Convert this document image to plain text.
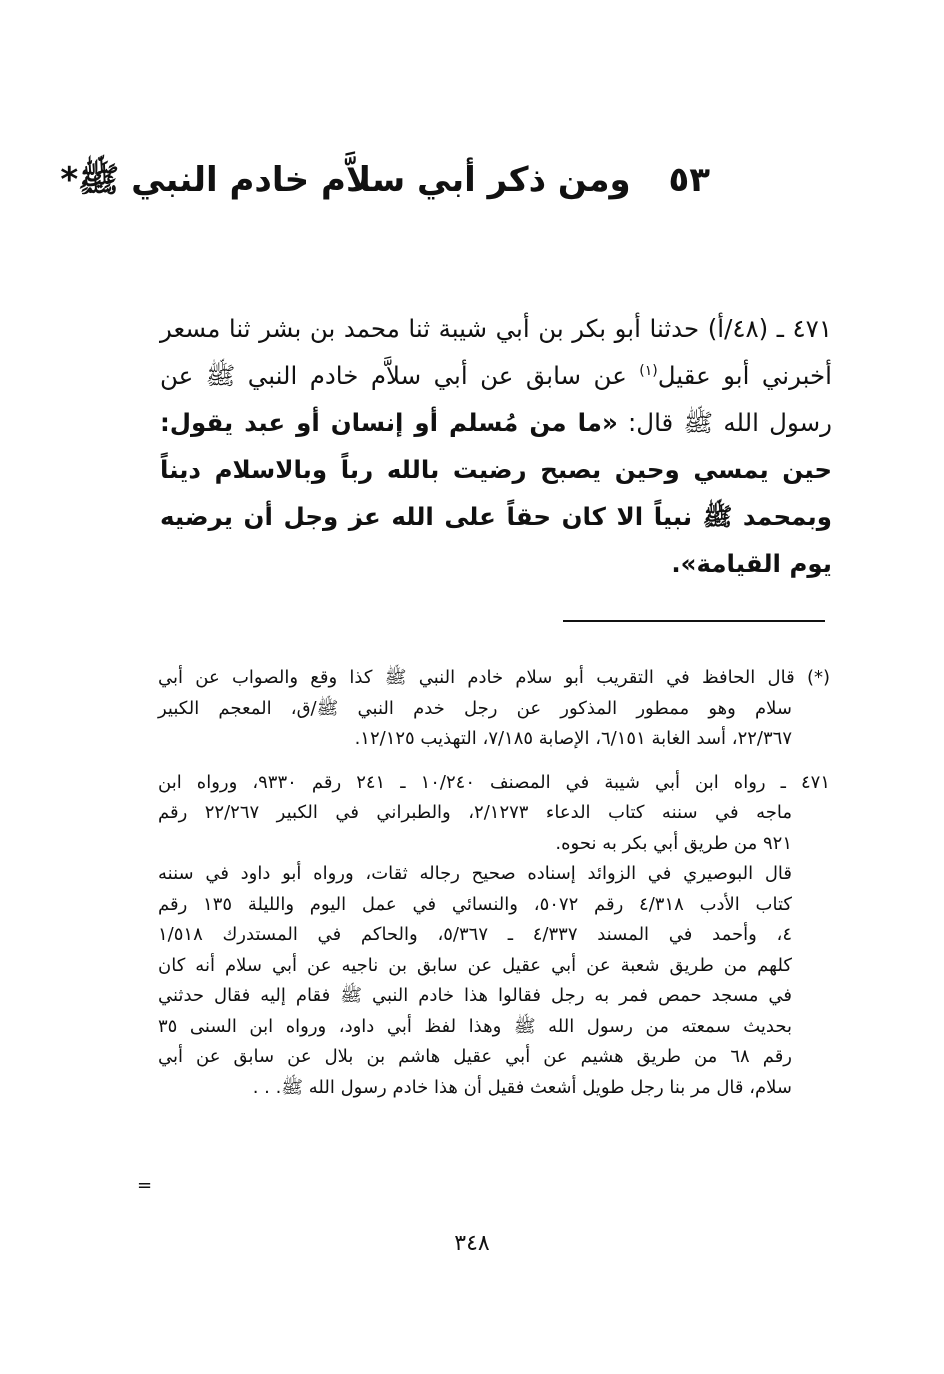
٥٣ ومن ذكر أبي سلاَّم خادم النبي ﷺ*
٤٧١ ـ (٤٨/أ) حدثنا أبو بكر بن أبي شيبة ثنا محمد بن بشر ثنا مسعر أخبرني أبو عقيل$^{(١)}$ عن سابق عن أبي سلاَّم خادم النبي ﷺ عن رسول الله ﷺ قال: «ما من مُسلم أو إنسان أو عبد يقول: حين يمسي وحين يصبح رضيت بالله رباً وبالاسلام ديناً وبمحمد ﷺ نبياً الا كان حقاً على الله عز وجل أن يرضيه يوم القيامة».
(*) قال الحافظ في التقريب أبو سلام خادم النبي ﷺ كذا وقع والصواب عن أبي
سلام وهو ممطور المذكور عن رجل خدم النبي ﷺ/ق، المعجم الكبير
٢٢/٣٦٧، أسد الغابة ٦/١٥١، الإصابة ٧/١٨٥، التهذيب ١٢/١٢٥.
٤٧١ ـ رواه ابن أبي شيبة في المصنف ١٠/٢٤٠ ـ ٢٤١ رقم ٩٣٣٠، ورواه ابن
ماجه في سننه كتاب الدعاء ٢/١٢٧٣، والطبراني في الكبير ٢٢/٢٦٧ رقم
٩٢١ من طريق أبي بكر به نحوه.
قال البوصيري في الزوائد إسناده صحيح رجاله ثقات، ورواه أبو داود في سننه
كتاب الأدب ٤/٣١٨ رقم ٥٠٧٢، والنسائي في عمل اليوم والليلة ١٣٥ رقم
٤، وأحمد في المسند ٤/٣٣٧ ـ ٥/٣٦٧، والحاكم في المستدرك ١/٥١٨
كلهم من طريق شعبة عن أبي عقيل عن سابق بن ناجيه عن أبي سلام أنه كان
في مسجد حمص فمر به رجل فقالوا هذا خادم النبي ﷺ فقام إليه فقال حدثني
بحديث سمعته من رسول الله ﷺ وهذا لفظ أبي داود، ورواه ابن السنى ٣٥
رقم ٦٨ من طريق هشيم عن أبي عقيل هاشم بن بلال عن سابق عن أبي
سلام، قال مر بنا رجل طويل أشعث فقيل أن هذا خادم رسول الله ﷺ. . .
=
٣٤٨
